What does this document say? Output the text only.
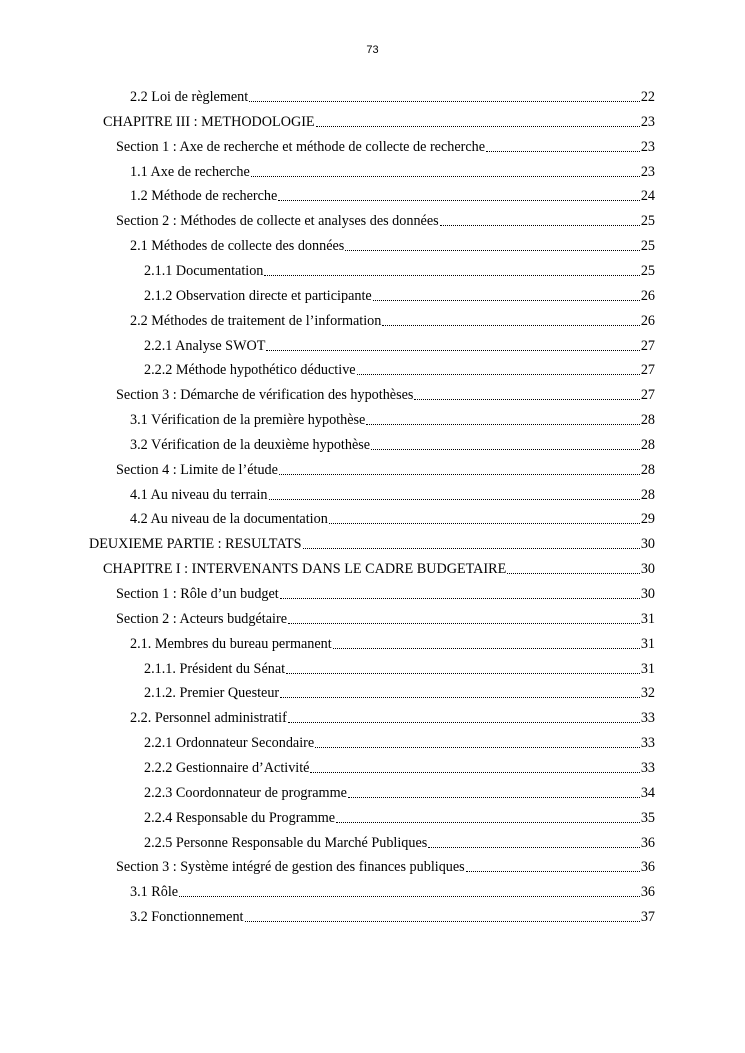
73
2.2 Loi de règlement	22
CHAPITRE III : METHODOLOGIE	23
Section 1 : Axe de recherche et méthode de collecte de recherche	23
1.1 Axe de recherche	23
1.2 Méthode de recherche	24
Section 2 : Méthodes de collecte et analyses des données	25
2.1 Méthodes de collecte des données	25
2.1.1 Documentation	25
2.1.2 Observation directe et participante	26
2.2 Méthodes de traitement de l’information	26
2.2.1 Analyse SWOT	27
2.2.2 Méthode hypothético déductive	27
Section 3 : Démarche de vérification des hypothèses	27
3.1 Vérification de la première hypothèse	28
3.2 Vérification de la deuxième hypothèse	28
Section 4 : Limite de l’étude	28
4.1 Au niveau du terrain	28
4.2 Au niveau de la documentation	29
DEUXIEME PARTIE : RESULTATS	30
CHAPITRE I : INTERVENANTS DANS LE CADRE BUDGETAIRE	30
Section 1 : Rôle d’un budget	30
Section 2 : Acteurs budgétaire	31
2.1. Membres du bureau permanent	31
2.1.1. Président du Sénat	31
2.1.2. Premier Questeur	32
2.2. Personnel administratif	33
2.2.1 Ordonnateur Secondaire	33
2.2.2 Gestionnaire d’Activité	33
2.2.3 Coordonnateur de programme	34
2.2.4 Responsable du Programme	35
2.2.5 Personne Responsable du Marché Publiques	36
Section 3 : Système intégré de gestion des finances publiques	36
3.1 Rôle	36
3.2 Fonctionnement	37
